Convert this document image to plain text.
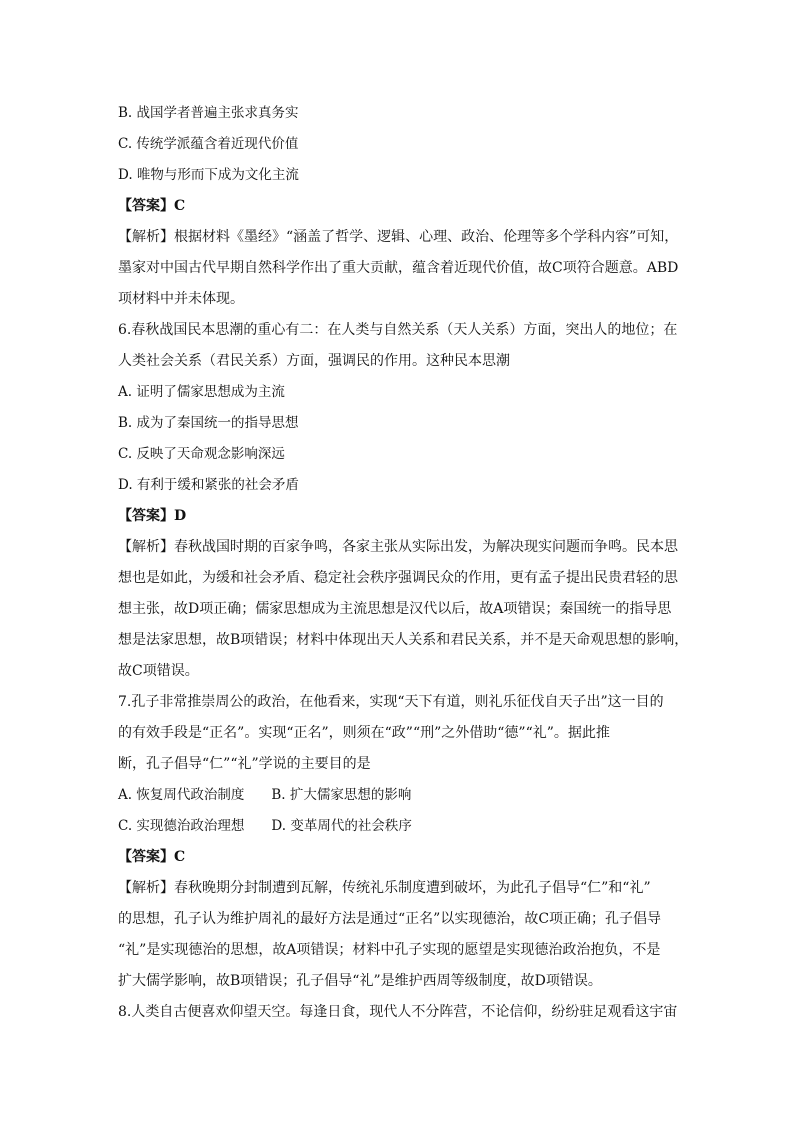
B. 战国学者普遍主张求真务实
C. 传统学派蕴含着近现代价值
D. 唯物与形而下成为文化主流
【答案】C
【解析】根据材料《墨经》“涵盖了哲学、逻辑、心理、政治、伦理等多个学科内容”可知，
墨家对中国古代早期自然科学作出了重大贡献，蕴含着近现代价值，故C项符合题意。ABD
项材料中并未体现。
6.春秋战国民本思潮的重心有二：在人类与自然关系（天人关系）方面，突出人的地位；在
人类社会关系（君民关系）方面，强调民的作用。这种民本思潮
A. 证明了儒家思想成为主流
B. 成为了秦国统一的指导思想
C. 反映了天命观念影响深远
D. 有利于缓和紧张的社会矛盾
【答案】D
【解析】春秋战国时期的百家争鸣，各家主张从实际出发，为解决现实问题而争鸣。民本思
想也是如此，为缓和社会矛盾、稳定社会秩序强调民众的作用，更有孟子提出民贵君轻的思
想主张，故D项正确；儒家思想成为主流思想是汉代以后，故A项错误；秦国统一的指导思
想是法家思想，故B项错误；材料中体现出天人关系和君民关系，并不是天命观思想的影响，
故C项错误。
7.孔子非常推崇周公的政治，在他看来，实现“天下有道，则礼乐征伐自天子出”这一目的
的有效手段是“正名”。实现“正名”，则须在“政”“刑”之外借助“德”“礼”。据此推
断，孔子倡导“仁”“礼”学说的主要目的是
A. 恢复周代政治制度　　B. 扩大儒家思想的影响
C. 实现德治政治理想　　D. 变革周代的社会秩序
【答案】C
【解析】春秋晚期分封制遭到瓦解，传统礼乐制度遭到破坏，为此孔子倡导“仁”和“礼”
的思想，孔子认为维护周礼的最好方法是通过“正名”以实现德治，故C项正确；孔子倡导
“礼”是实现德治的思想，故A项错误；材料中孔子实现的愿望是实现德治政治抱负，不是
扩大儒学影响，故B项错误；孔子倡导“礼”是维护西周等级制度，故D项错误。
8.人类自古便喜欢仰望天空。每逢日食，现代人不分阵营，不论信仰，纷纷驻足观看这宇宙
